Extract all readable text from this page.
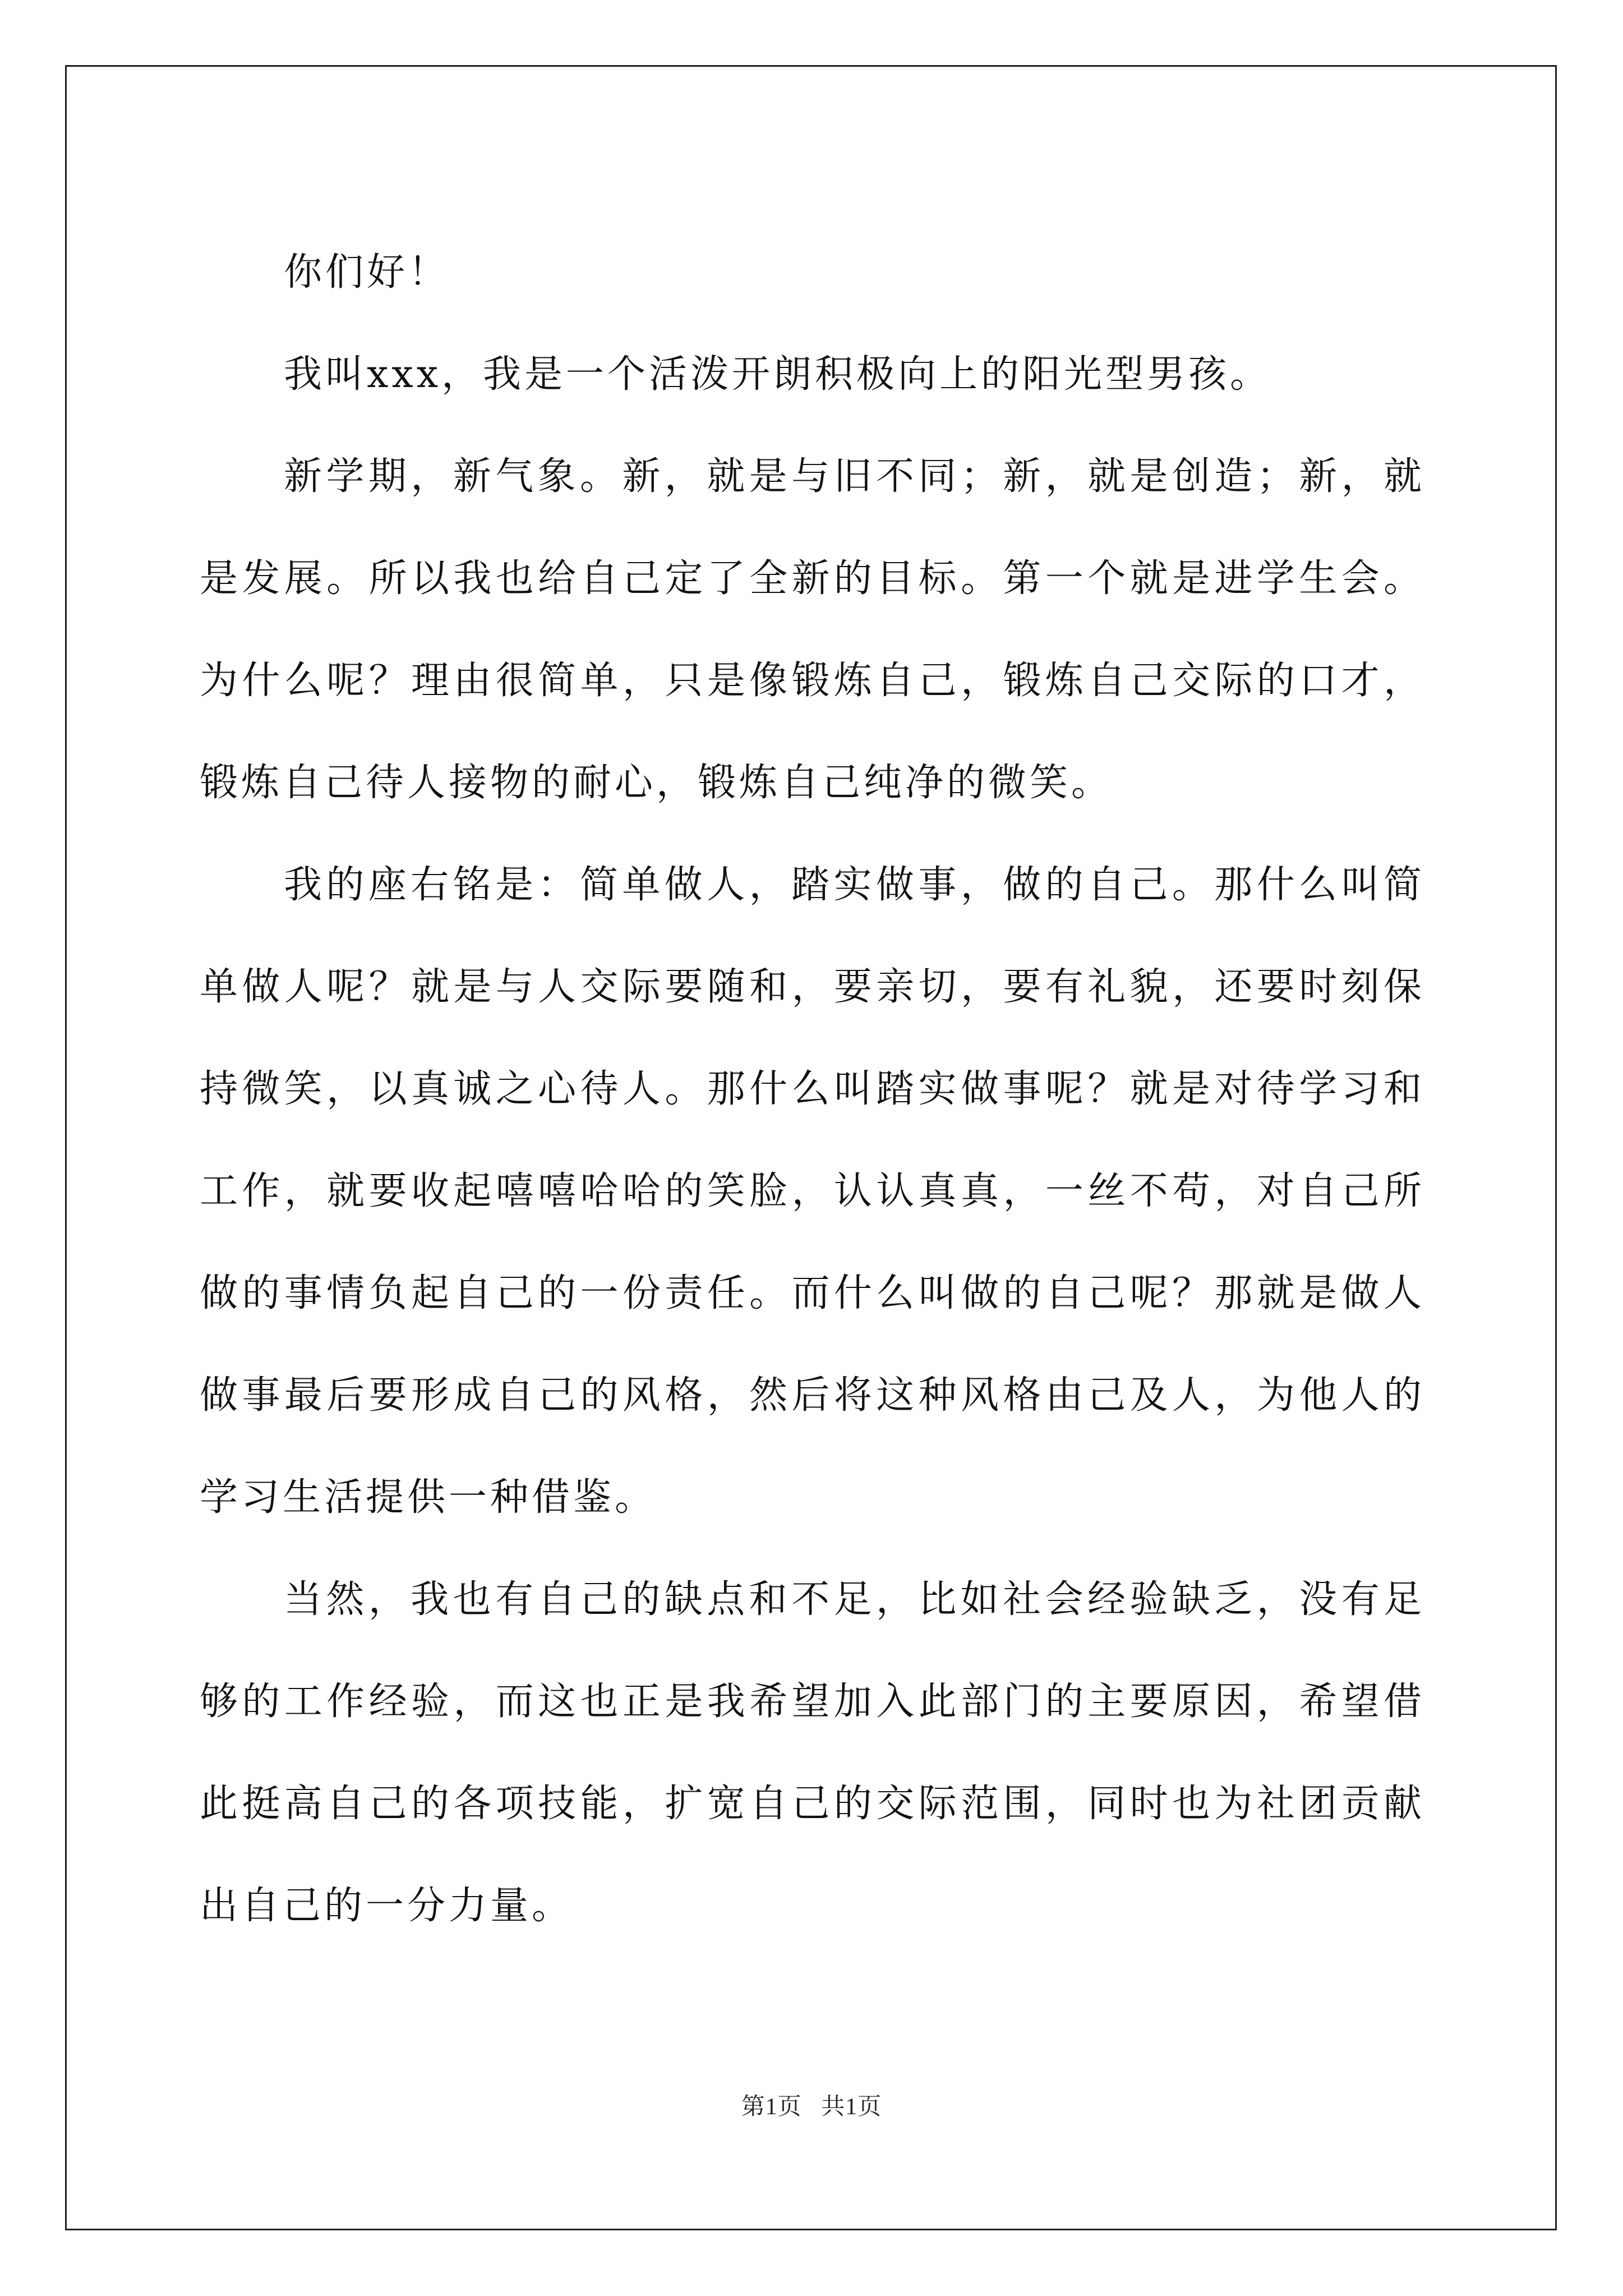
你们好！

我叫xxx，我是一个活泼开朗积极向上的阳光型男孩。

新学期，新气象。新，就是与旧不同；新，就是创造；新，就是发展。所以我也给自己定了全新的目标。第一个就是进学生会。为什么呢？理由很简单，只是像锻炼自己，锻炼自己交际的口才，锻炼自己待人接物的耐心，锻炼自己纯净的微笑。

我的座右铭是：简单做人，踏实做事，做的自己。那什么叫简单做人呢？就是与人交际要随和，要亲切，要有礼貌，还要时刻保持微笑，以真诚之心待人。那什么叫踏实做事呢？就是对待学习和工作，就要收起嘻嘻哈哈的笑脸，认认真真，一丝不苟，对自己所做的事情负起自己的一份责任。而什么叫做的自己呢？那就是做人做事最后要形成自己的风格，然后将这种风格由己及人，为他人的学习生活提供一种借鉴。

当然，我也有自己的缺点和不足，比如社会经验缺乏，没有足够的工作经验，而这也正是我希望加入此部门的主要原因，希望借此挺高自己的各项技能，扩宽自己的交际范围，同时也为社团贡献出自己的一分力量。

第1页   共1页
